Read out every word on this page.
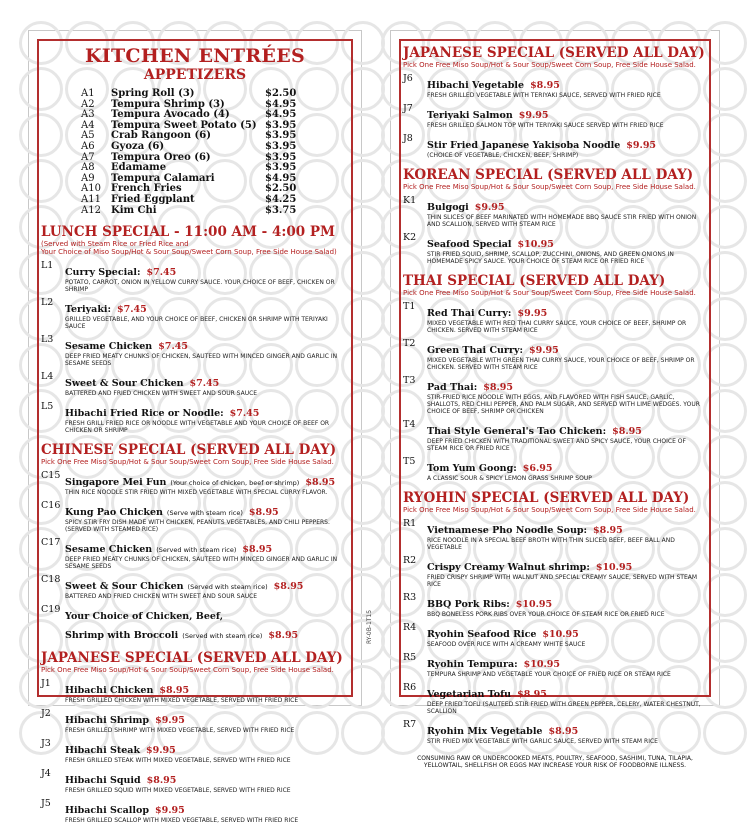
KITCHEN ENTRÉES
APPETIZERS
A1	Spring Roll (3)	$2.50
A2	Tempura Shrimp (3)	$4.95
A3	Tempura Avocado (4)	$4.95
A4	Tempura Sweet Potato (5)	$3.95
A5	Crab Rangoon (6)	$3.95
A6	Gyoza (6)	$3.95
A7	Tempura Oreo (6)	$3.95
A8	Edamame	$3.95
A9	Tempura Calamari	$4.95
A10	French Fries	$2.50
A11	Fried Eggplant	$4.25
A12	Kim Chi	$3.75
LUNCH SPECIAL - 11:00 AM - 4:00 PM
(Served with Steam Rice or Fried Rice and
Your Choice of Miso Soup/Hot & Sour Soup/Sweet Corn Soup, Free Side House Salad)
L1
Curry Special: $7.45
POTATO, CARROT, ONION IN YELLOW CURRY SAUCE. YOUR CHOICE OF BEEF, CHICKEN OR SHRIMP
L2
Teriyaki: $7.45
GRILLED VEGETABLE, AND YOUR CHOICE OF BEEF, CHICKEN OR SHRIMP WITH TERIYAKI SAUCE
L3
Sesame Chicken $7.45
DEEP FRIED MEATY CHUNKS OF CHICKEN, SAUTEED WITH MINCED GINGER AND GARLIC IN SESAME SEEDS
L4
Sweet & Sour Chicken $7.45
BATTERED AND FRIED CHICKEN WITH SWEET AND SOUR SAUCE
L5
Hibachi Fried Rice or Noodle: $7.45
FRESH GRILL FRIED RICE OR NOODLE WITH VEGETABLE AND YOUR CHOICE OF BEEF OR CHICKEN OR SHRIMP
CHINESE SPECIAL (SERVED ALL DAY)
Pick One Free Miso Soup/Hot & Sour Soup/Sweet Corn Soup, Free Side House Salad.
C15
Singapore Mei Fun (Your choice of chicken, beef or shrimp) $8.95
THIN RICE NOODLE STIR FRIED WITH MIXED VEGETABLE WITH SPECIAL CURRY FLAVOR.
C16
Kung Pao Chicken (Serve with steam rice) $8.95
SPICY STIR FRY DISH MADE WITH CHICKEN, PEANUTS VEGETABLES, AND CHILI PEPPERS. (SERVED WITH STEAMED RICE)
C17
Sesame Chicken (Served with steam rice) $8.95
DEEP FRIED MEATY CHUNKS OF CHICKEN, SAUTEED WITH MINCED GINGER AND GARLIC IN SESAME SEEDS
C18
Sweet & Sour Chicken (Served with steam rice) $8.95
BATTERED AND FRIED CHICKEN WITH SWEET AND SOUR SAUCE
C19
Your Choice of Chicken, Beef,
Shrimp with Broccoli (Served with steam rice) $8.95
JAPANESE SPECIAL (SERVED ALL DAY)
Pick One Free Miso Soup/Hot & Sour Soup/Sweet Corn Soup, Free Side House Salad.
J1
Hibachi Chicken $8.95
FRESH GRILLED CHICKEN WITH MIXED VEGETABLE, SERVED WITH FRIED RICE
J2
Hibachi Shrimp $9.95
FRESH GRILLED SHRIMP WITH MIXED VEGETABLE, SERVED WITH FRIED RICE
J3
Hibachi Steak $9.95
FRESH GRILLED STEAK WITH MIXED VEGETABLE, SERVED WITH FRIED RICE
J4
Hibachi Squid $8.95
FRESH GRILLED SQUID WITH MIXED VEGETABLE, SERVED WITH FRIED RICE
J5
Hibachi Scallop $9.95
FRESH GRILLED SCALLOP WITH MIXED VEGETABLE, SERVED WITH FRIED RICE
RY-0B-1T15
JAPANESE SPECIAL (SERVED ALL DAY)
Pick One Free Miso Soup/Hot & Sour Soup/Sweet Corn Soup, Free Side House Salad.
J6
Hibachi Vegetable $8.95
FRESH GRILLED VEGETABLE WITH TERIYAKI SAUCE, SERVED WITH FRIED RICE
J7
Teriyaki Salmon $9.95
FRESH GRILLED SALMON TOP WITH TERIYAKI SAUCE SERVED WITH FRIED RICE
J8
Stir Fried Japanese Yakisoba Noodle $9.95
(CHOICE OF VEGETABLE, CHICKEN, BEEF, SHRIMP)
KOREAN SPECIAL (SERVED ALL DAY)
Pick One Free Miso Soup/Hot & Sour Soup/Sweet Corn Soup, Free Side House Salad.
K1
Bulgogi $9.95
THIN SLICES OF BEEF MARINATED WITH HOMEMADE BBQ SAUCE STIR FRIED WITH ONION AND SCALLION, SERVED WITH STEAM RICE
K2
Seafood Special $10.95
STIR FRIED SQUID, SHRIMP, SCALLOP, ZUCCHINI, ONIONS, AND GREEN ONIONS IN HOMEMADE SPICY SAUCE. YOUR CHOICE OF STEAM RICE OR FRIED RICE
THAI SPECIAL (SERVED ALL DAY)
Pick One Free Miso Soup/Hot & Sour Soup/Sweet Corn Soup, Free Side House Salad.
T1
Red Thai Curry: $9.95
MIXED VEGETABLE WITH RED THAI CURRY SAUCE, YOUR CHOICE OF BEEF, SHRIMP OR CHICKEN. SERVED WITH STEAM RICE
T2
Green Thai Curry: $9.95
MIXED VEGETABLE WITH GREEN THAI CURRY SAUCE, YOUR CHOICE OF BEEF, SHRIMP OR CHICKEN. SERVED WITH STEAM RICE
T3
Pad Thai: $8.95
STIR-FRIED RICE NOODLE WITH EGGS, AND FLAVORED WITH FISH SAUCE, GARLIC, SHALLOTS, RED CHILI PEPPER, AND PALM SUGAR, AND SERVED WITH LIME WEDGES. YOUR CHOICE OF BEEF, SHRIMP OR CHICKEN
T4
Thai Style General's Tao Chicken: $8.95
DEEP FRIED CHICKEN WITH TRADITIONAL SWEET AND SPICY SAUCE, YOUR CHOICE OF STEAM RICE OR FRIED RICE
T5
Tom Yum Goong: $6.95
A CLASSIC SOUR & SPICY LEMON GRASS SHRIMP SOUP
RYOHIN SPECIAL (SERVED ALL DAY)
Pick One Free Miso Soup/Hot & Sour Soup/Sweet Corn Soup, Free Side House Salad.
R1
Vietnamese Pho Noodle Soup: $8.95
RICE NOODLE IN A SPECIAL BEEF BROTH WITH THIN SLICED BEEF, BEEF BALL AND VEGETABLE
R2
Crispy Creamy Walnut shrimp: $10.95
FRIED CRISPY SHRIMP WITH WALNUT AND SPECIAL CREAMY SAUCE, SERVED WITH STEAM RICE
R3
BBQ Pork Ribs: $10.95
BBQ BONELESS PORK RIBS OVER YOUR CHOICE OF STEAM RICE OR FRIED RICE
R4
Ryohin Seafood Rice $10.95
SEAFOOD OVER RICE WITH A CREAMY WHITE SAUCE
R5
Ryohin Tempura: $10.95
TEMPURA SHRIMP AND VEGETABLE YOUR CHOICE OF FRIED RICE OR STEAM RICE
R6
Vegetarian Tofu $8.95
DEEP FRIED TOFU (SAUTEED STIR FRIED WITH GREEN PEPPER, CELERY, WATER CHESTNUT, SCALLION
R7
Ryohin Mix Vegetable $8.95
STIR FRIED MIX VEGETABLE WITH GARLIC SAUCE, SERVED WITH STEAM RICE
CONSUMING RAW OR UNDERCOOKED MEATS, POULTRY, SEAFOOD, SASHIMI, TUNA, TILAPIA, YELLOWTAIL, SHELLFISH OR EGGS MAY INCREASE YOUR RISK OF FOODBORNE ILLNESS.
